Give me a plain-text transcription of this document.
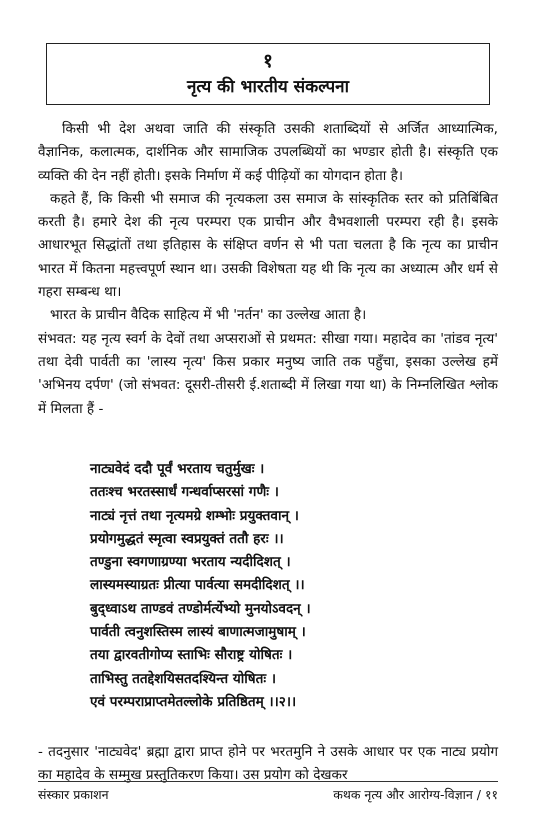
१
नृत्य की भारतीय संकल्पना

किसी भी देश अथवा जाति की संस्कृति उसकी शताब्दियों से अर्जित आध्यात्मिक, वैज्ञानिक, कलात्मक, दार्शनिक और सामाजिक उपलब्धियों का भण्डार होती है। संस्कृति एक व्यक्ति की देन नहीं होती। इसके निर्माण में कई पीढ़ियों का योगदान होता है।

कहते हैं, कि किसी भी समाज की नृत्यकला उस समाज के सांस्कृतिक स्तर को प्रतिबिंबित करती है। हमारे देश की नृत्य परम्परा एक प्राचीन और वैभवशाली परम्परा रही है। इसके आधारभूत सिद्धांतों तथा इतिहास के संक्षिप्त वर्णन से भी पता चलता है कि नृत्य का प्राचीन भारत में कितना महत्त्वपूर्ण स्थान था। उसकी विशेषता यह थी कि नृत्य का अध्यात्म और धर्म से गहरा सम्बन्ध था।

भारत के प्राचीन वैदिक साहित्य में भी 'नर्तन' का उल्लेख आता है।

संभवत: यह नृत्य स्वर्ग के देवों तथा अप्सराओं से प्रथमत: सीखा गया। महादेव का 'तांडव नृत्य' तथा देवी पार्वती का 'लास्य नृत्य' किस प्रकार मनुष्य जाति तक पहुँचा, इसका उल्लेख हमें 'अभिनय दर्पण' (जो संभवत: दूसरी-तीसरी ई.शताब्दी में लिखा गया था) के निम्नलिखित श्लोक में मिलता हैं -

नाट्यवेदं ददौ पूर्वं भरताय चतुर्मुखः ।
ततःश्च भरतस्सार्धं गन्धर्वाप्सरसां गणैः ।
नाट्यं नृत्तं तथा नृत्यमग्रे शम्भोः प्रयुक्तवान् ।
प्रयोगमुद्धतं स्मृत्वा स्वप्रयुक्तं ततौ हरः ।।
तण्डुना स्वगणाग्रण्या भरताय न्यदीदिशत् ।
लास्यमस्याग्रतः प्रीत्या पार्वत्या समदीदिशत् ।।
बुद्ध्वाऽथ ताण्डवं तण्डोर्मर्त्येभ्यो मुनयोऽवदन् ।
पार्वती त्वनुशस्तिस्म लास्यं बाणात्मजामुषाम् ।
तया द्वारवतीगोप्य स्ताभिः सौराष्ट्र योषितः ।
ताभिस्तु ततद्देशयिसतदश्यिन्त योषितः ।
एवं परम्पराप्राप्तमेतल्लोके प्रतिष्ठितम् ।।२।।
- तदनुसार 'नाट्यवेद' ब्रह्मा द्वारा प्राप्त होने पर भरतमुनि ने उसके आधार पर एक नाट्य प्रयोग का महादेव के सम्मुख प्रस्तुतिकरण किया। उस प्रयोग को देखकर
संस्कार प्रकाशन	कथक नृत्य और आरोग्य-विज्ञान / ११
